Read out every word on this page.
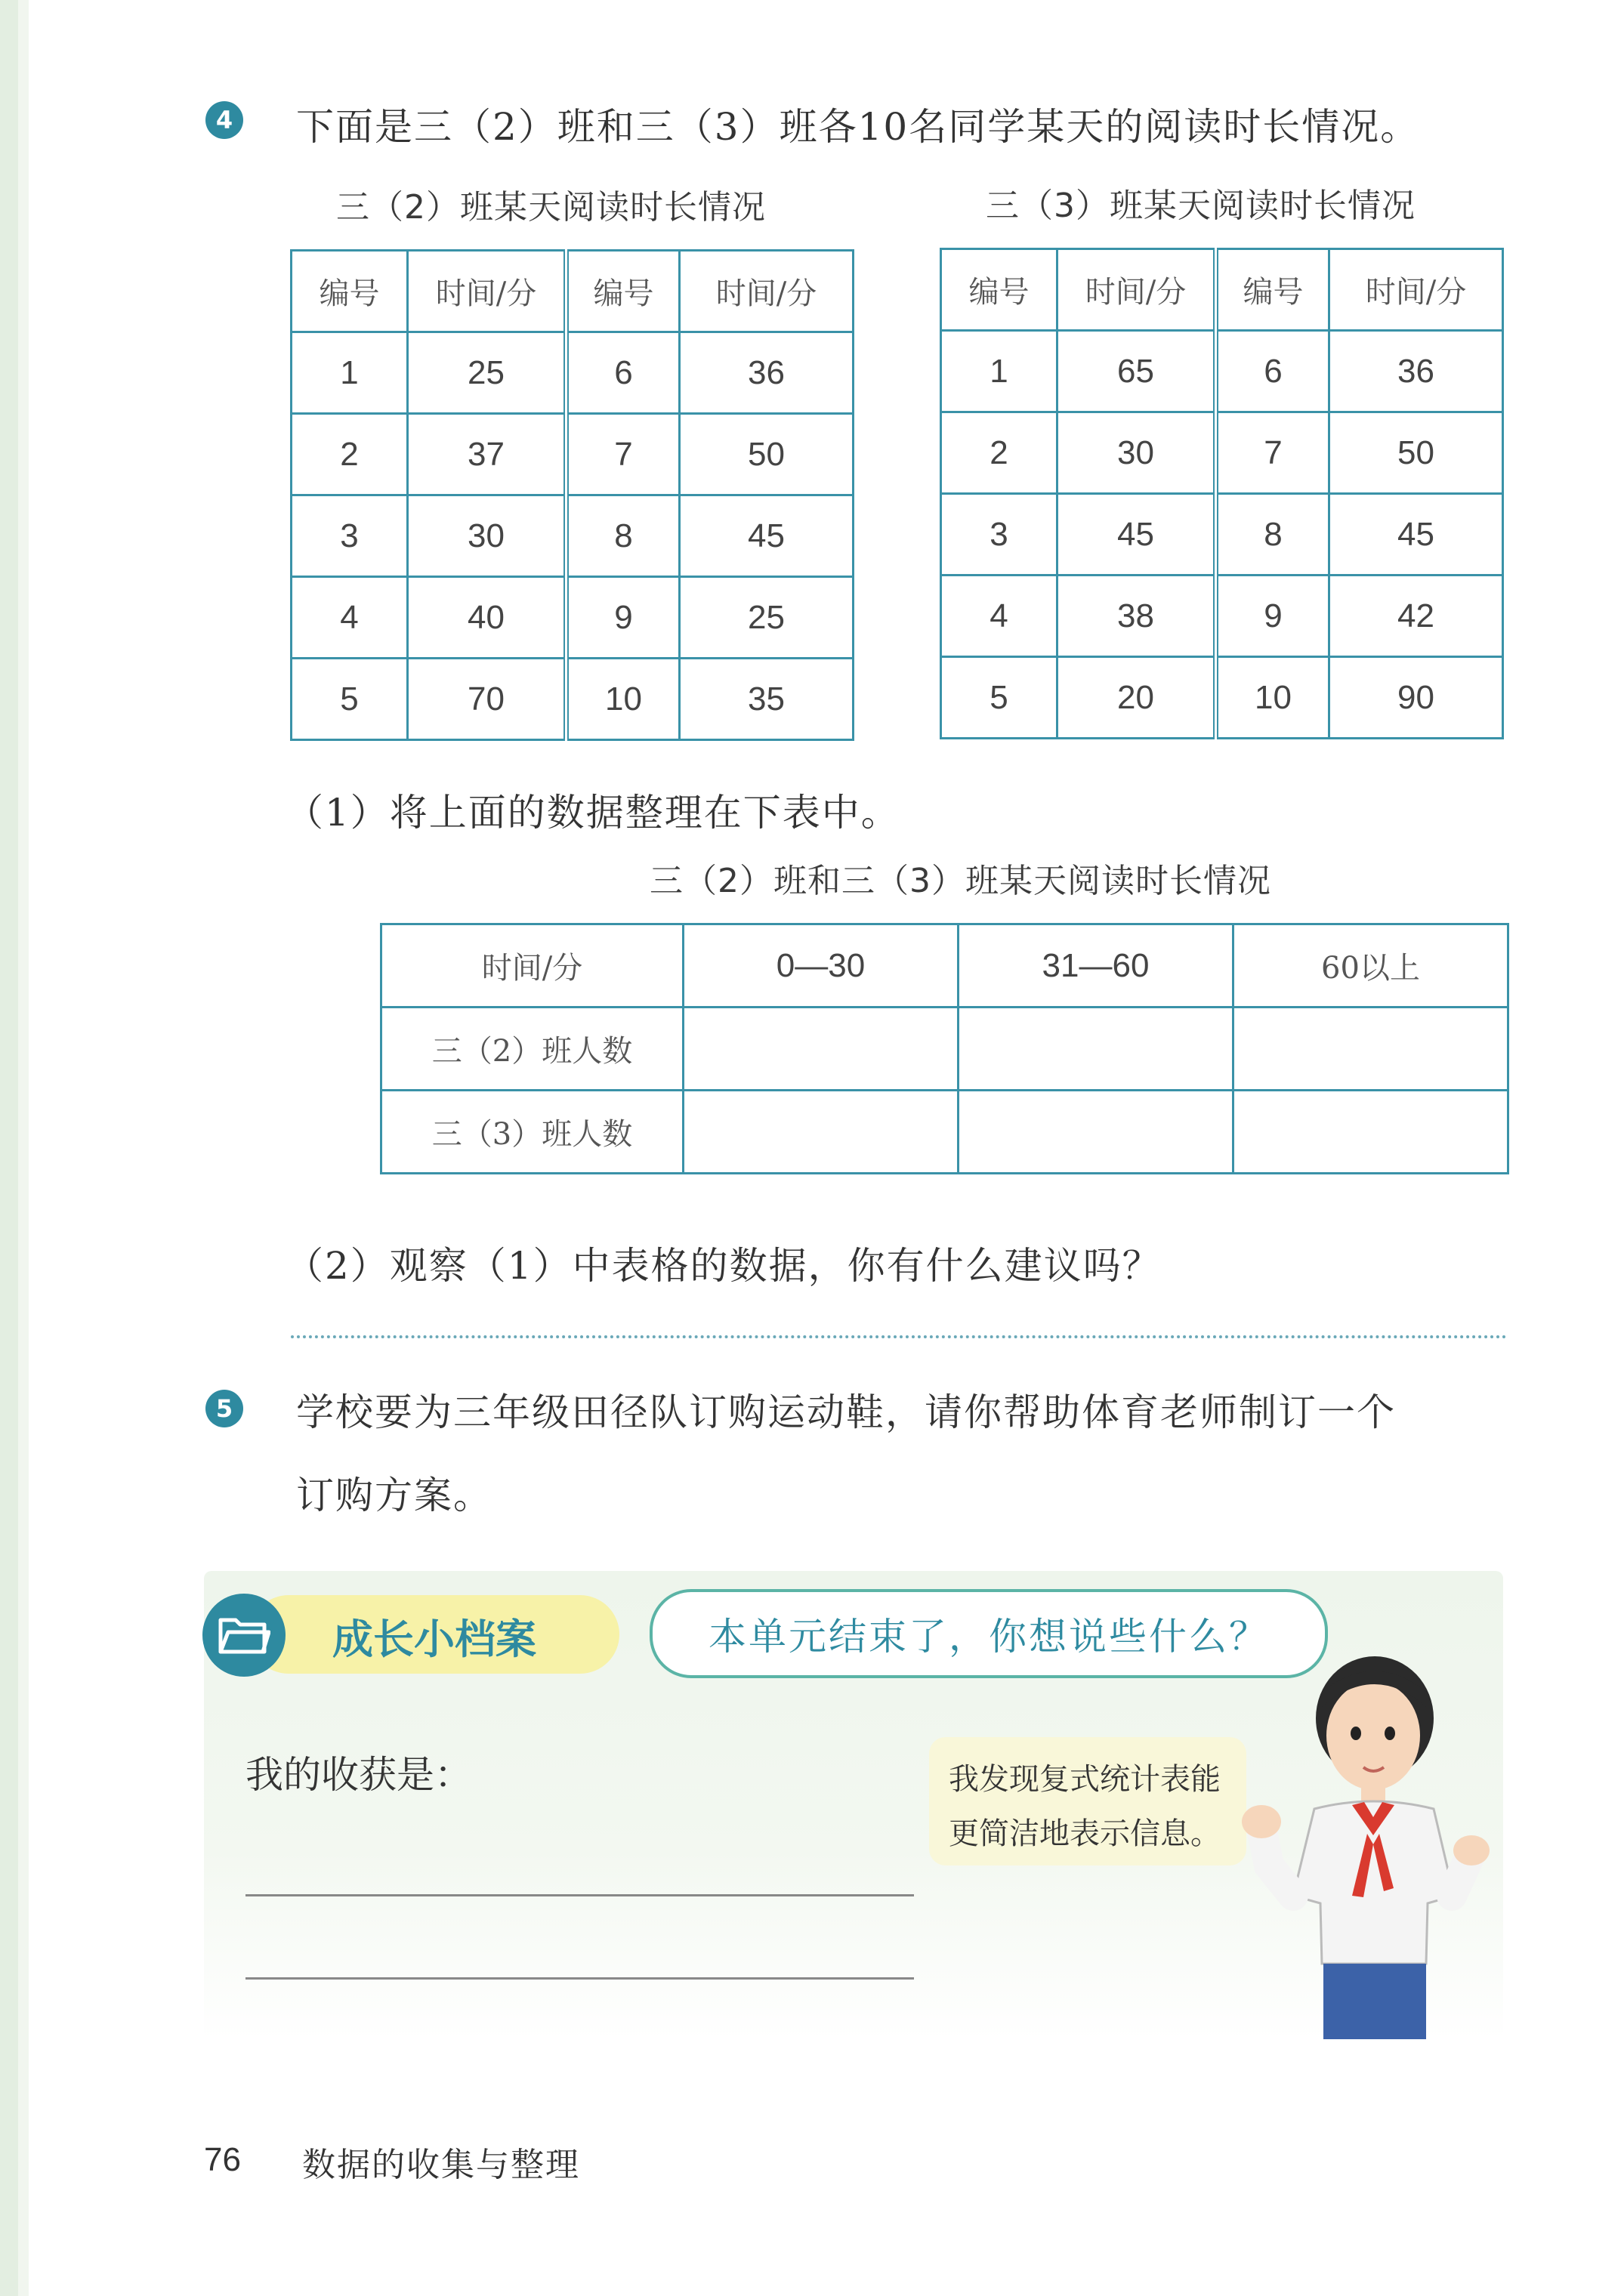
4 下面是三（2）班和三（3）班各10名同学某天的阅读时长情况。
三（2）班某天阅读时长情况	三（3）班某天阅读时长情况
编号	时间/分	编号	时间/分
1	25	6	36
2	37	7	50
3	30	8	45
4	40	9	25
5	70	10	35
编号	时间/分	编号	时间/分
1	65	6	36
2	30	7	50
3	45	8	45
4	38	9	42
5	20	10	90
（1）将上面的数据整理在下表中。
三（2）班和三（3）班某天阅读时长情况
时间/分	0—30	31—60	60以上
三（2）班人数			
三（3）班人数			
（2）观察（1）中表格的数据，你有什么建议吗？
5 学校要为三年级田径队订购运动鞋，请你帮助体育老师制订一个
订购方案。
成长小档案	本单元结束了，你想说些什么？
我的收获是：	我发现复式统计表能
更简洁地表示信息。
76 数据的收集与整理
